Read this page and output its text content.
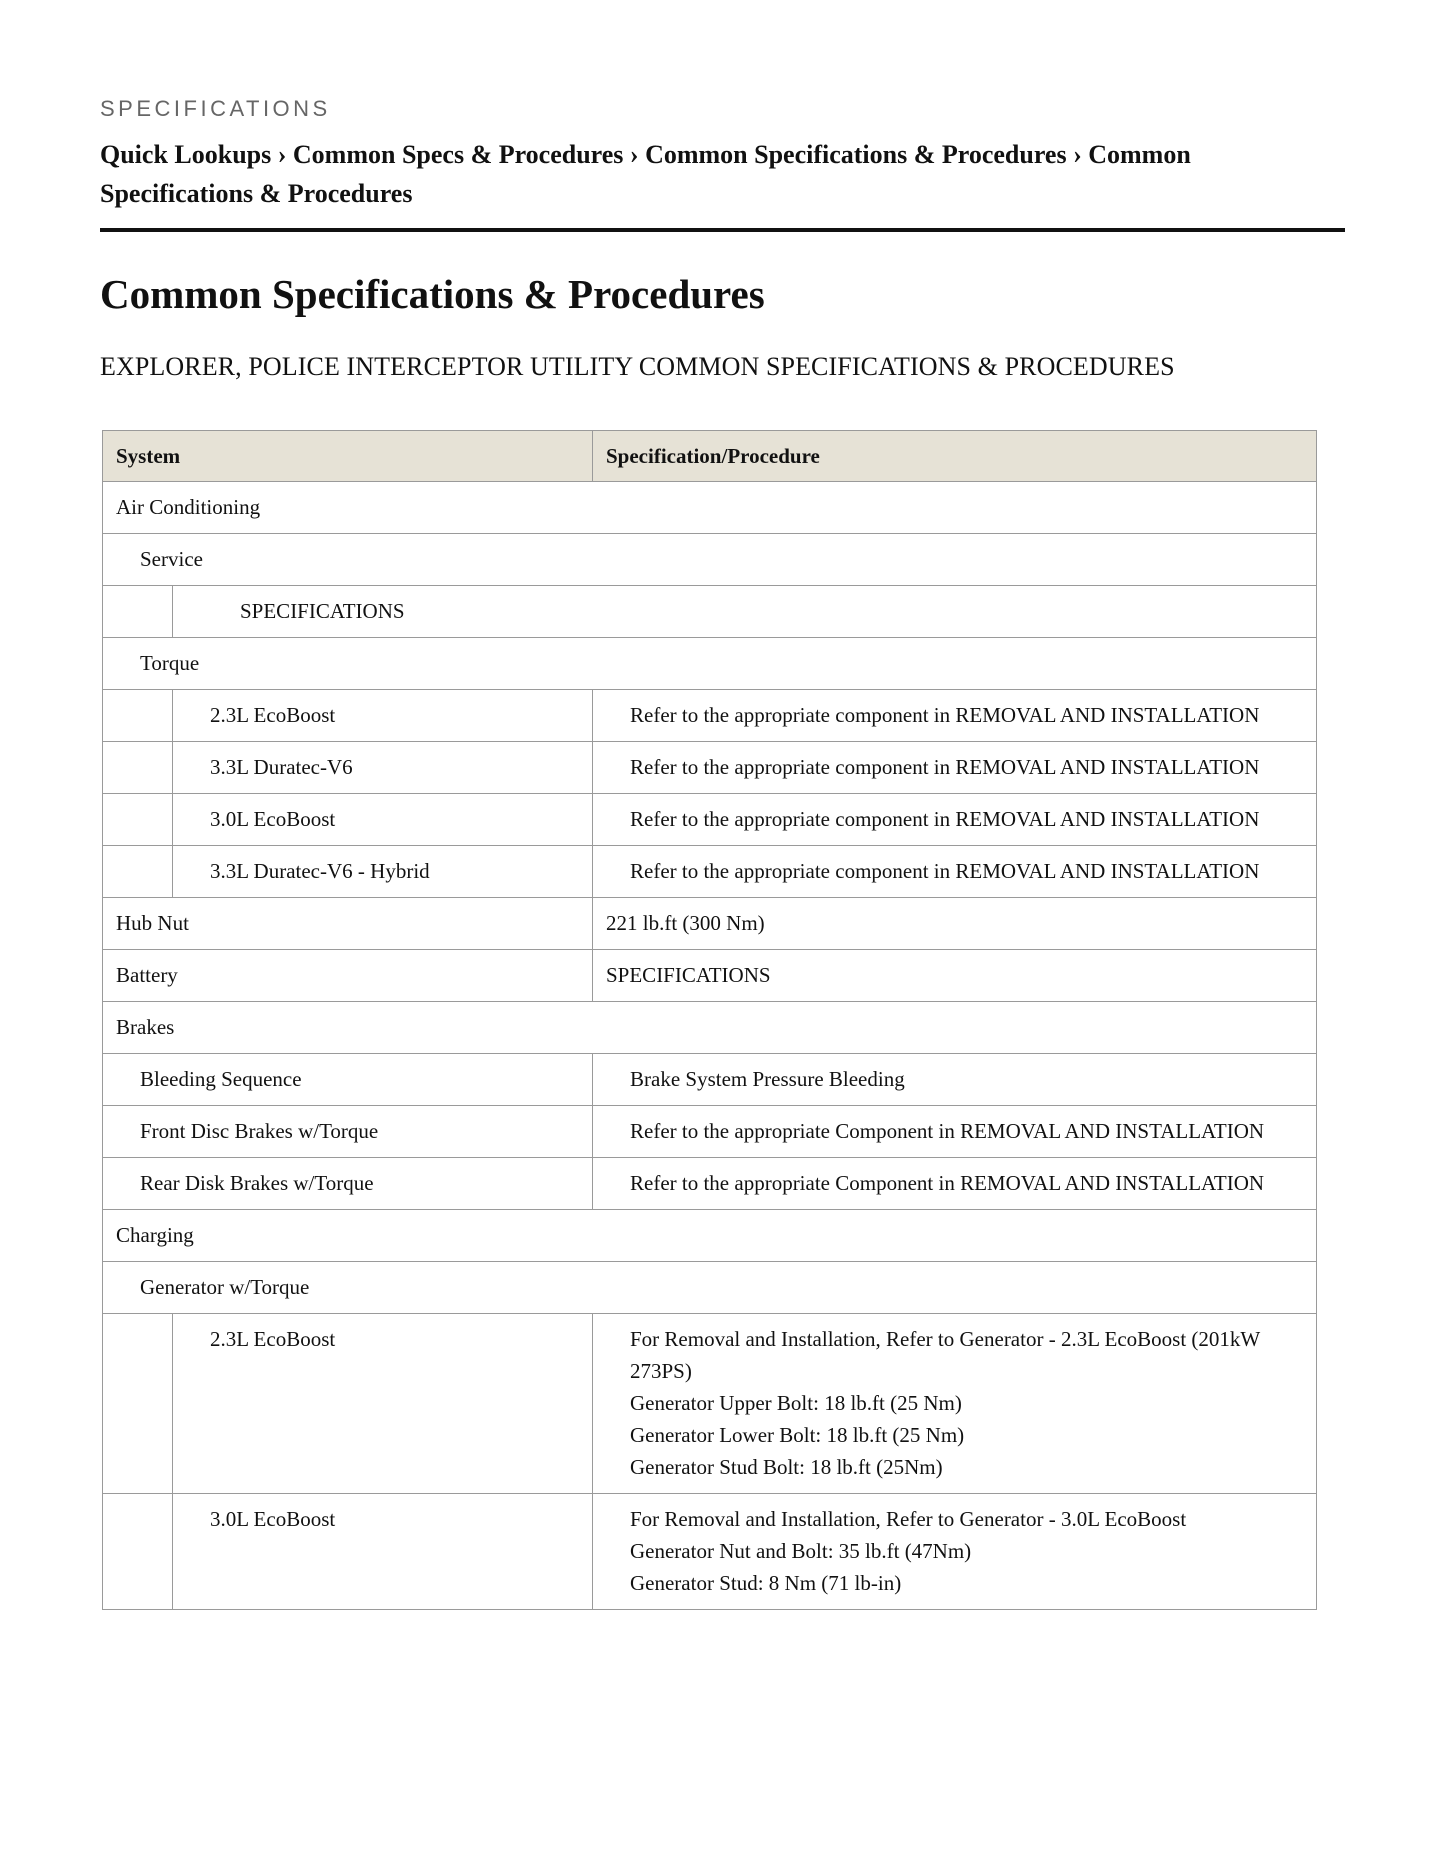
SPECIFICATIONS
Quick Lookups › Common Specs & Procedures › Common Specifications & Procedures › Common Specifications & Procedures
Common Specifications & Procedures
EXPLORER, POLICE INTERCEPTOR UTILITY COMMON SPECIFICATIONS & PROCEDURES
System		Specification/Procedure
Air Conditioning		
Service		
	SPECIFICATIONS	
Torque		
	2.3L EcoBoost	Refer to the appropriate component in REMOVAL AND INSTALLATION
	3.3L Duratec-V6	Refer to the appropriate component in REMOVAL AND INSTALLATION
	3.0L EcoBoost	Refer to the appropriate component in REMOVAL AND INSTALLATION
	3.3L Duratec-V6 - Hybrid	Refer to the appropriate component in REMOVAL AND INSTALLATION
Hub Nut		221 lb.ft (300 Nm)
Battery		SPECIFICATIONS
Brakes		
Bleeding Sequence		Brake System Pressure Bleeding
Front Disc Brakes w/Torque		Refer to the appropriate Component in REMOVAL AND INSTALLATION
Rear Disk Brakes w/Torque		Refer to the appropriate Component in REMOVAL AND INSTALLATION
Charging		
Generator w/Torque		
	2.3L EcoBoost	For Removal and Installation, Refer to Generator - 2.3L EcoBoost (201kW 273PS)
Generator Upper Bolt: 18 lb.ft (25 Nm)
Generator Lower Bolt: 18 lb.ft (25 Nm)
Generator Stud Bolt: 18 lb.ft (25Nm)

	3.0L EcoBoost	For Removal and Installation, Refer to Generator - 3.0L EcoBoost
Generator Nut and Bolt: 35 lb.ft (47Nm)
Generator Stud: 8 Nm (71 lb-in)
